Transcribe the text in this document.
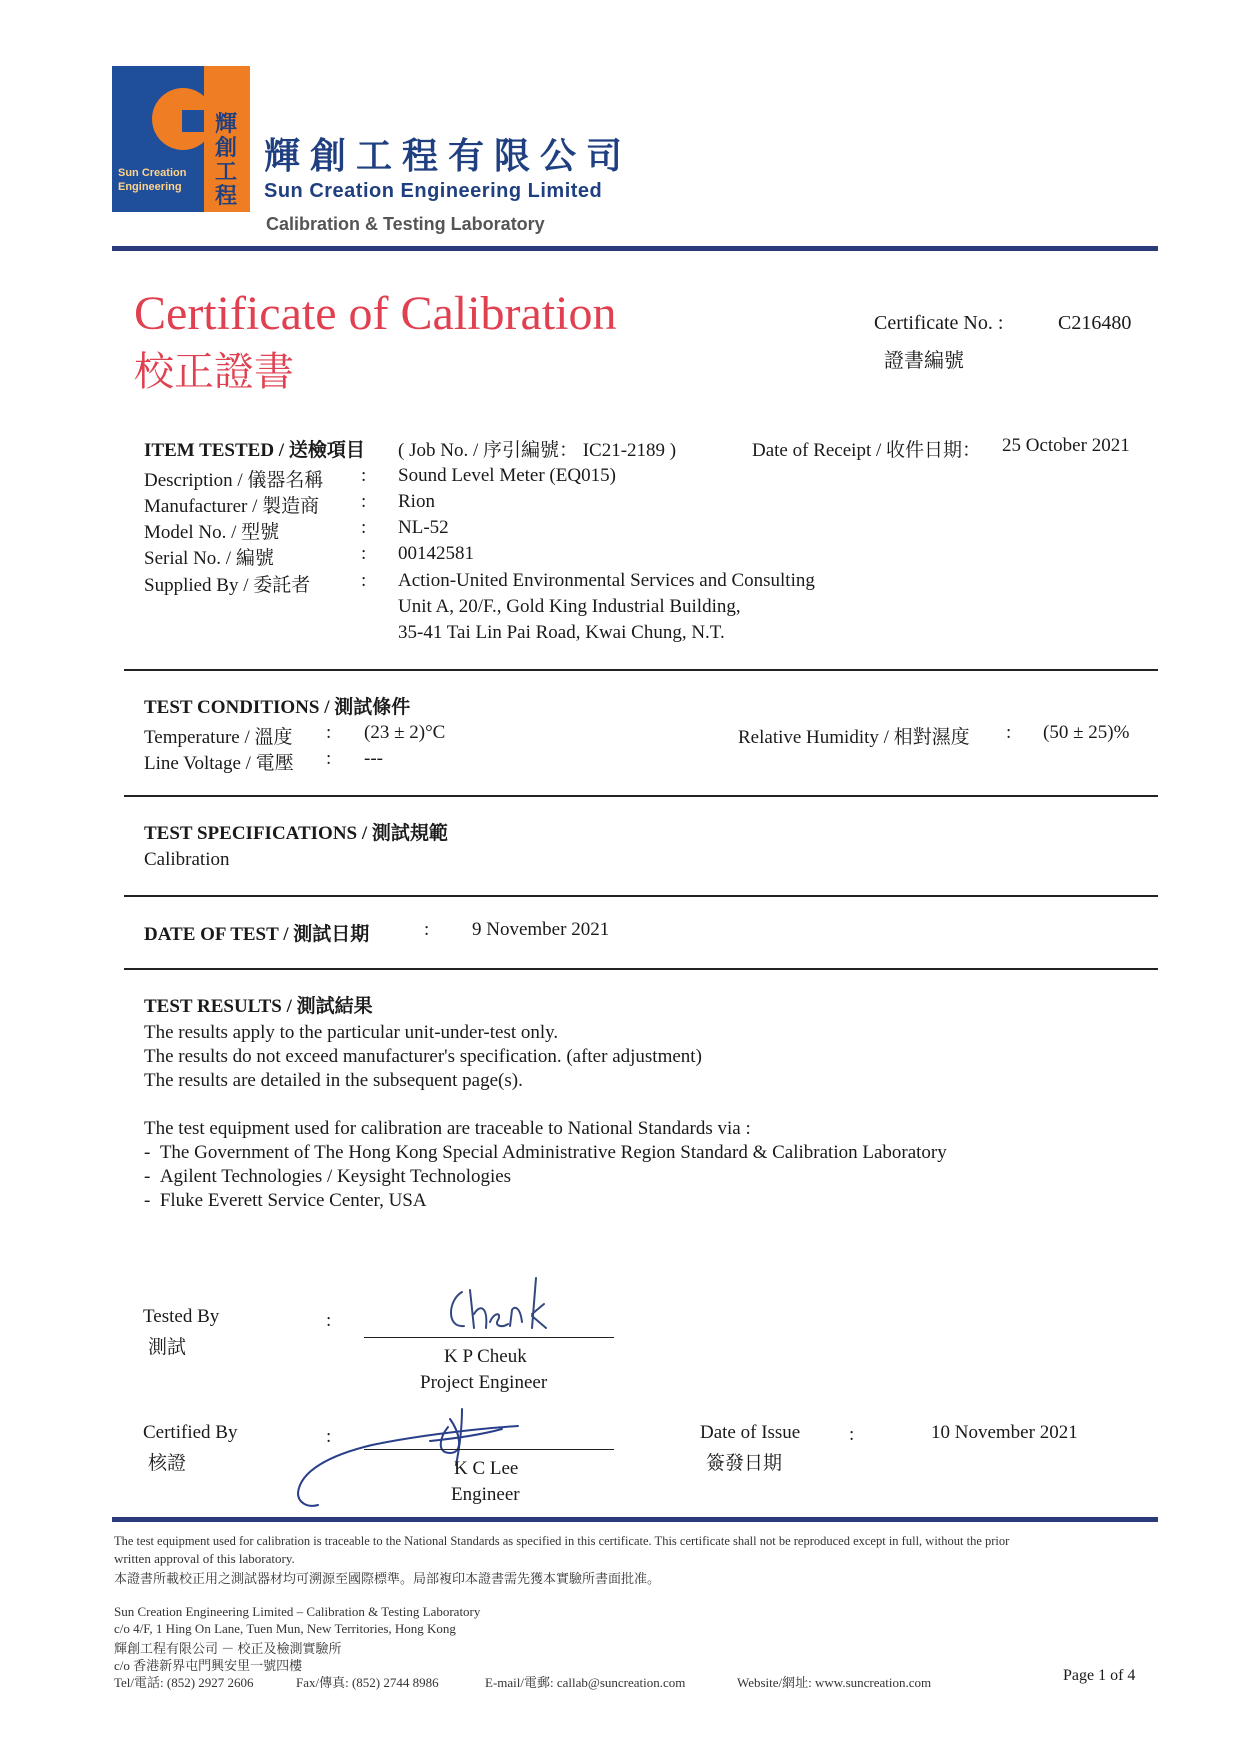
輝創工程
Sun Creation Engineering
輝創工程有限公司
Sun Creation Engineering Limited
Calibration & Testing Laboratory
Certificate of Calibration
校正證書
Certificate No. :	C216480
證書編號
ITEM TESTED / 送檢項目 ( Job No. / 序引編號： IC21-2189 )	Date of Receipt / 收件日期： 25 October 2021
Description / 儀器名稱 : Sound Level Meter (EQ015)
Manufacturer / 製造商 : Rion
Model No. / 型號	: NL-52
Serial No. / 編號	: 00142581
Supplied By / 委託者	: Action-United Environmental Services and Consulting
Unit A, 20/F., Gold King Industrial Building,
35-41 Tai Lin Pai Road, Kwai Chung, N.T.
TEST CONDITIONS / 測試條件
Temperature / 溫度 : (23 ± 2)°C
Line Voltage / 電壓 : ---
Relative Humidity / 相對濕度 : (50 ± 25)%
TEST SPECIFICATIONS / 測試規範
Calibration
DATE OF TEST / 測試日期	: 9 November 2021
TEST RESULTS / 測試結果
The results apply to the particular unit-under-test only.
The results do not exceed manufacturer's specification. (after adjustment)
The results are detailed in the subsequent page(s).
The test equipment used for calibration are traceable to National Standards via :
-  The Government of The Hong Kong Special Administrative Region Standard & Calibration Laboratory
-  Agilent Technologies / Keysight Technologies
-  Fluke Everett Service Center, USA
Tested By
測試
:
K P Cheuk
Project Engineer
Certified By
核證
:
K C Lee
Engineer
Date of Issue
簽發日期
:	10 November 2021
The test equipment used for calibration is traceable to the National Standards as specified in this certificate. This certificate shall not be reproduced except in full, without the prior
written approval of this laboratory.
本證書所載校正用之測試器材均可溯源至國際標準。局部複印本證書需先獲本實驗所書面批准。
Sun Creation Engineering Limited – Calibration & Testing Laboratory
c/o 4/F, 1 Hing On Lane, Tuen Mun, New Territories, Hong Kong
輝創工程有限公司 － 校正及檢測實驗所
c/o 香港新界屯門興安里一號四樓
Tel/電話: (852) 2927 2606	Fax/傳真: (852) 2744 8986	E-mail/電郵: callab@suncreation.com	Website/網址: www.suncreation.com	Page 1 of 4
